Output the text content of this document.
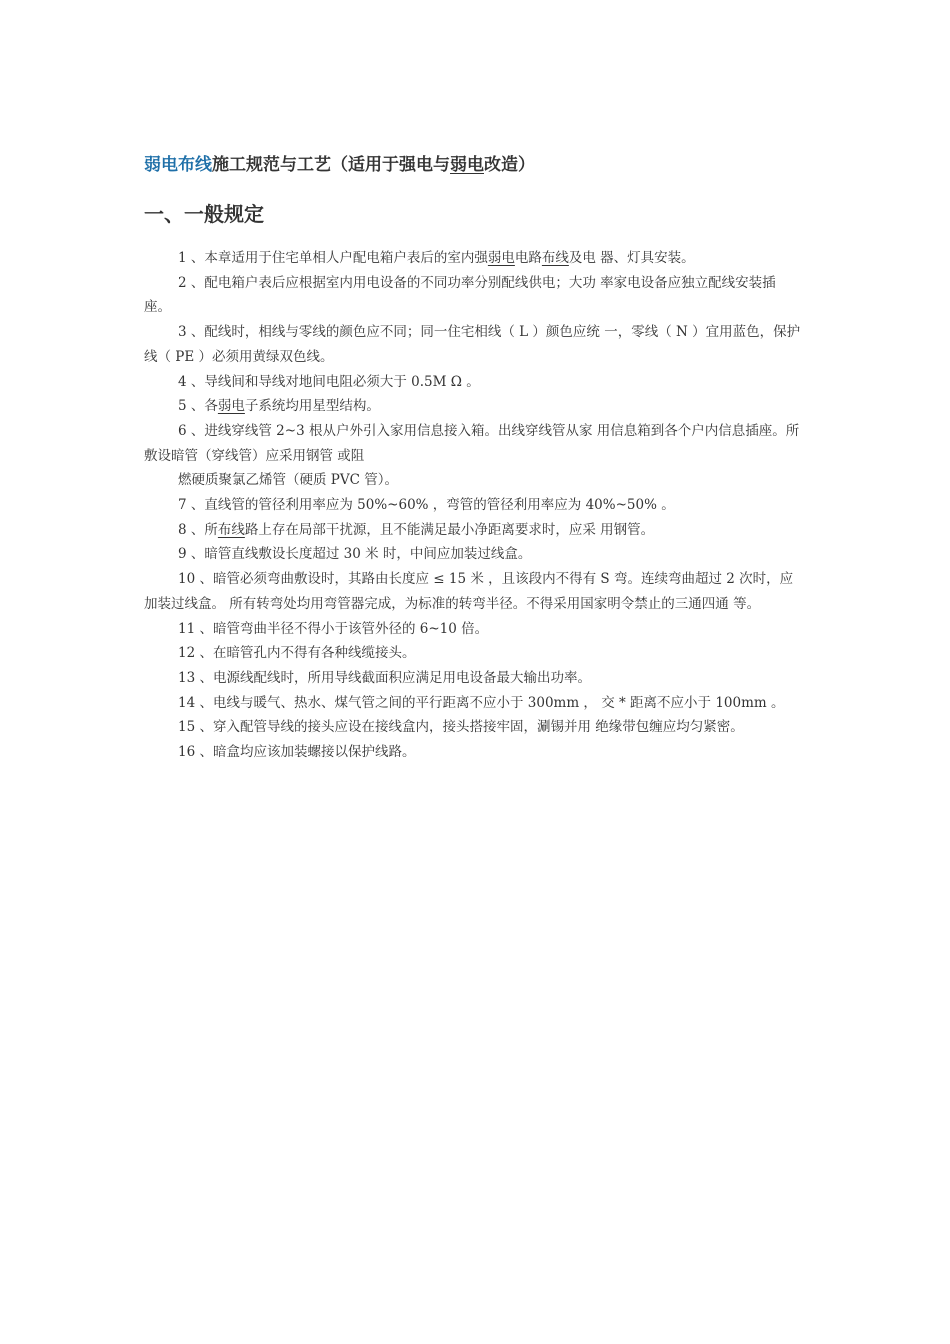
弱电布线施工规范与工艺（适用于强电与弱电改造）
一、一般规定

1 、本章适用于住宅单相人户配电箱户表后的室内强弱电电路布线及电 器、灯具安装。

2 、配电箱户表后应根据室内用电设备的不同功率分别配线供电；大功 率家电设备应独立配线安装插座。

3 、配线时，相线与零线的颜色应不同；同一住宅相线（ L ）颜色应统 一，零线（ N ）宜用蓝色，保护线（ PE ）必须用黄绿双色线。

4 、导线间和导线对地间电阻必须大于 0.5M Ω 。

5 、各弱电子系统均用星型结构。

6 、进线穿线管 2~3 根从户外引入家用信息接入箱。出线穿线管从家 用信息箱到各个户内信息插座。所敷设暗管（穿线管）应采用钢管 或阻

燃硬质聚氯乙烯管（硬质 PVC 管）。

7 、直线管的管径利用率应为 50%~60% ，弯管的管径利用率应为 40%~50% 。

8 、所布线路上存在局部干扰源，且不能满足最小净距离要求时，应采 用钢管。

9 、暗管直线敷设长度超过 30 米 时，中间应加装过线盒。

10 、暗管必须弯曲敷设时，其路由长度应 ≤ 15 米 ，且该段内不得有 S 弯。连续弯曲超过 2 次时，应加装过线盒。 所有转弯处均用弯管器完成，为标准的转弯半径。不得采用国家明令禁止的三通四通 等。

11 、暗管弯曲半径不得小于该管外径的 6~10 倍。

12 、在暗管孔内不得有各种线缆接头。

13 、电源线配线时，所用导线截面积应满足用电设备最大输出功率。

14 、电线与暖气、热水、煤气管之间的平行距离不应小于 300mm ， 交 * 距离不应小于 100mm 。

15 、穿入配管导线的接头应设在接线盒内，接头搭接牢固，涮锡并用 绝缘带包缠应均匀紧密。

16 、暗盒均应该加装螺接以保护线路。
